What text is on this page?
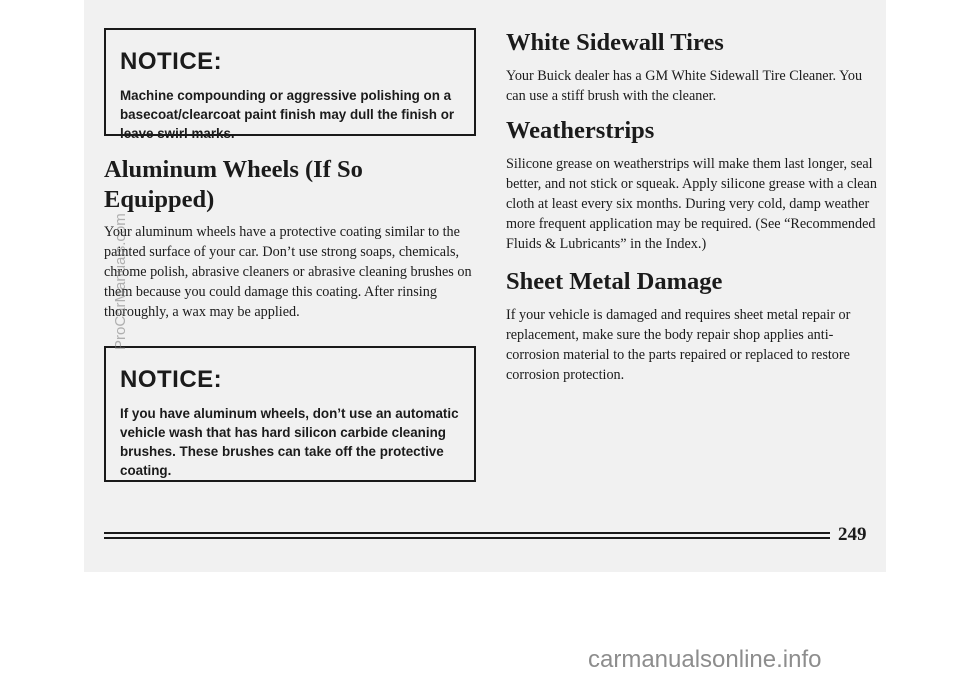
NOTICE:
Machine compounding or aggressive polishing on a basecoat/clearcoat paint finish may dull the finish or leave swirl marks.
Aluminum Wheels (If So Equipped)
Your aluminum wheels have a protective coating similar to the painted surface of your car. Don’t use strong soaps, chemicals, chrome polish, abrasive cleaners or abrasive cleaning brushes on them because you could damage this coating. After rinsing thoroughly, a wax may be applied.
NOTICE:
If you have aluminum wheels, don’t use an automatic vehicle wash that has hard silicon carbide cleaning brushes. These brushes can take off the protective coating.
White Sidewall Tires
Your Buick dealer has a GM White Sidewall Tire Cleaner. You can use a stiff brush with the cleaner.
Weatherstrips
Silicone grease on weatherstrips will make them last longer, seal better, and not stick or squeak. Apply silicone grease with a clean cloth at least every six months. During very cold, damp weather more frequent application may be required. (See “Recommended Fluids & Lubricants” in the Index.)
Sheet Metal Damage
If your vehicle is damaged and requires sheet metal repair or replacement, make sure the body repair shop applies anti-corrosion material to the parts repaired or replaced to restore corrosion protection.
249
ProCarManuals.com
carmanualsonline.info
